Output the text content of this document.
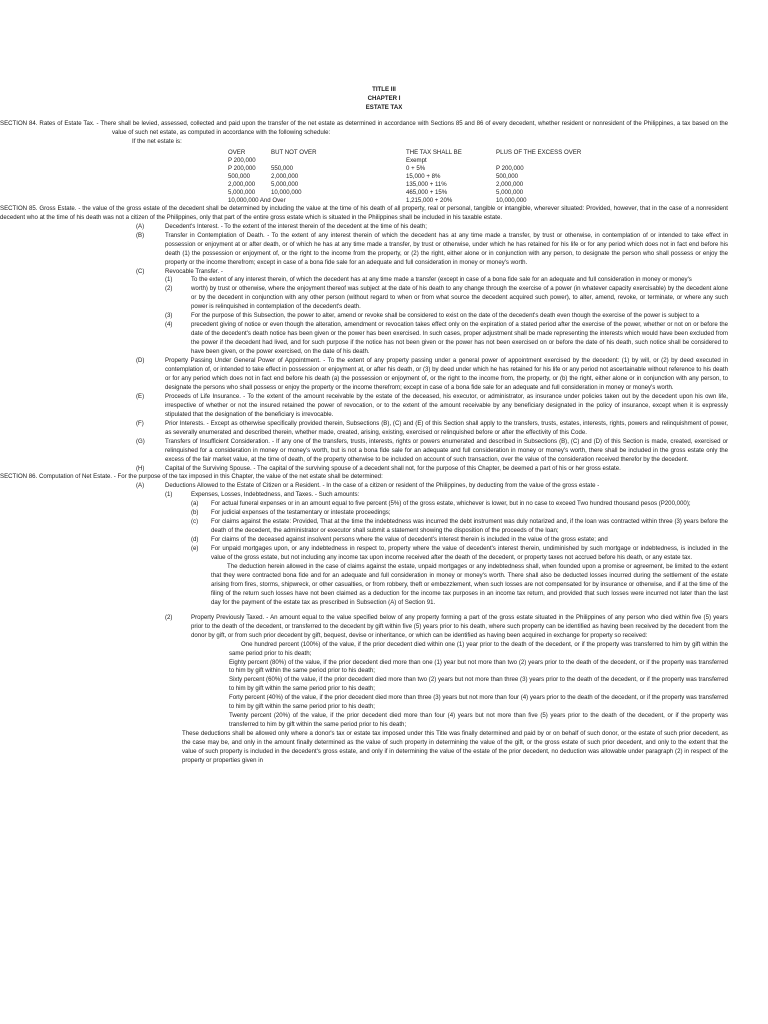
TITLE III
CHAPTER I
ESTATE TAX

SECTION 84. Rates of Estate Tax. - There shall be levied, assessed, collected and paid upon the transfer of the net estate as determined in accordance with Sections 85 and 86 of every decedent, whether resident or nonresident of the Philippines, a tax based on the value of such net estate, as computed in accordance with the following schedule:

If the net estate is:

OVER	BUT NOT OVER	THE TAX SHALL BE	PLUS OF THE EXCESS OVER
P 200,000		Exempt	
P 200,000	550,000	0 + 5%	P 200,000
500,000	2,000,000	15,000 + 8%	500,000
2,000,000	5,000,000	135,000 + 11%	2,000,000
5,000,000	10,000,000	465,000 + 15%	5,000,000
10,000,000 And Over		1,215,000 + 20%	10,000,000

SECTION 85. Gross Estate. - the value of the gross estate of the decedent shall be determined by including the value at the time of his death of all property, real or personal, tangible or intangible, wherever situated: Provided, however, that in the case of a nonresident decedent who at the time of his death was not a citizen of the Philippines, only that part of the entire gross estate which is situated in the Philippines shall be included in his taxable estate.

(A)	Decedent's Interest. - To the extent of the interest therein of the decedent at the time of his death;
(B)	Transfer in Contemplation of Death. - To the extent of any interest therein of which the decedent has at any time made a transfer, by trust or otherwise, in contemplation of or intended to take effect in possession or enjoyment at or after death, or of which he has at any time made a transfer, by trust or otherwise, under which he has retained for his life or for any period which does not in fact end before his death (1) the possession or enjoyment of, or the right to the income from the property, or (2) the right, either alone or in conjunction with any person, to designate the person who shall possess or enjoy the property or the income therefrom; except in case of a bona fide sale for an adequate and full consideration in money or money's worth.
(C)	Revocable Transfer. -
(1)	To the extent of any interest therein, of which the decedent has at any time made a transfer (except in case of a bona fide sale for an adequate and full consideration in money or money's
(2)	worth) by trust or otherwise, where the enjoyment thereof was subject at the date of his death to any change through the exercise of a power (in whatever capacity exercisable) by the decedent alone or by the decedent in conjunction with any other person (without regard to when or from what source the decedent acquired such power), to alter, amend, revoke, or terminate, or where any such power is relinquished in contemplation of the decedent's death.
(3)	For the purpose of this Subsection, the power to alter, amend or revoke shall be considered to exist on the date of the decedent's death even though the exercise of the power is subject to a
(4)	precedent giving of notice or even though the alteration, amendment or revocation takes effect only on the expiration of a stated period after the exercise of the power, whether or not on or before the date of the decedent's death notice has been given or the power has been exercised. In such cases, proper adjustment shall be made representing the interests which would have been excluded from the power if the decedent had lived, and for such purpose if the notice has not been given or the power has not been exercised on or before the date of his death, such notice shall be considered to have been given, or the power exercised, on the date of his death.
(D)	Property Passing Under General Power of Appointment. - To the extent of any property passing under a general power of appointment exercised by the decedent: (1) by will, or (2) by deed executed in contemplation of, or intended to take effect in possession or enjoyment at, or after his death, or (3) by deed under which he has retained for his life or any period not ascertainable without reference to his death or for any period which does not in fact end before his death (a) the possession or enjoyment of, or the right to the income from, the property, or (b) the right, either alone or in conjunction with any person, to designate the persons who shall possess or enjoy the property or the income therefrom; except in case of a bona fide sale for an adequate and full consideration in money or money's worth.
(E)	Proceeds of Life Insurance. - To the extent of the amount receivable by the estate of the deceased, his executor, or administrator, as insurance under policies taken out by the decedent upon his own life, irrespective of whether or not the insured retained the power of revocation, or to the extent of the amount receivable by any beneficiary designated in the policy of insurance, except when it is expressly stipulated that the designation of the beneficiary is irrevocable.
(F)	Prior Interests. - Except as otherwise specifically provided therein, Subsections (B), (C) and (E) of this Section shall apply to the transfers, trusts, estates, interests, rights, powers and relinquishment of power, as severally enumerated and described therein, whether made, created, arising, existing, exercised or relinquished before or after the effectivity of this Code.
(G)	Transfers of Insufficient Consideration. - If any one of the transfers, trusts, interests, rights or powers enumerated and described in Subsections (B), (C) and (D) of this Section is made, created, exercised or relinquished for a consideration in money or money's worth, but is not a bona fide sale for an adequate and full consideration in money or money's worth, there shall be included in the gross estate only the excess of the fair market value, at the time of death, of the property otherwise to be included on account of such transaction, over the value of the consideration received therefor by the decedent.
(H)	Capital of the Surviving Spouse. - The capital of the surviving spouse of a decedent shall not, for the purpose of this Chapter, be deemed a part of his or her gross estate.

SECTION 86. Computation of Net Estate. - For the purpose of the tax imposed in this Chapter, the value of the net estate shall be determined:

(A)	Deductions Allowed to the Estate of Citizen or a Resident. - In the case of a citizen or resident of the Philippines, by deducting from the value of the gross estate -
(1)	Expenses, Losses, Indebtedness, and Taxes. - Such amounts:
(a)	For actual funeral expenses or in an amount equal to five percent (5%) of the gross estate, whichever is lower, but in no case to exceed Two hundred thousand pesos (P200,000);
(b)	For judicial expenses of the testamentary or intestate proceedings;
(c)	For claims against the estate: Provided, That at the time the indebtedness was incurred the debt instrument was duly notarized and, if the loan was contracted within three (3) years before the death of the decedent, the administrator or executor shall submit a statement showing the disposition of the proceeds of the loan;
(d)	For claims of the deceased against insolvent persons where the value of decedent's interest therein is included in the value of the gross estate; and
(e)	For unpaid mortgages upon, or any indebtedness in respect to, property where the value of decedent's interest therein, undiminished by such mortgage or indebtedness, is included in the value of the gross estate, but not including any income tax upon income received after the death of the decedent, or property taxes not accrued before his death, or any estate tax.

The deduction herein allowed in the case of claims against the estate, unpaid mortgages or any indebtedness shall, when founded upon a promise or agreement, be limited to the extent that they were contracted bona fide and for an adequate and full consideration in money or money's worth. There shall also be deducted losses incurred during the settlement of the estate arising from fires, storms, shipwreck, or other casualties, or from robbery, theft or embezzlement, when such losses are not compensated for by insurance or otherwise, and if at the time of the filing of the return such losses have not been claimed as a deduction for the income tax purposes in an income tax return, and provided that such losses were incurred not later than the last day for the payment of the estate tax as prescribed in Subsection (A) of Section 91.

(2)	Property Previously Taxed. - An amount equal to the value specified below of any property forming a part of the gross estate situated in the Philippines of any person who died within five (5) years prior to the death of the decedent, or transferred to the decedent by gift within five (5) years prior to his death, where such property can be identified as having been received by the decedent from the donor by gift, or from such prior decedent by gift, bequest, devise or inheritance, or which can be identified as having been acquired in exchange for property so received:

One hundred percent (100%) of the value, if the prior decedent died within one (1) year prior to the death of the decedent, or if the property was transferred to him by gift within the same period prior to his death;

Eighty percent (80%) of the value, if the prior decedent died more than one (1) year but not more than two (2) years prior to the death of the decedent, or if the property was transferred to him by gift within the same period prior to his death;

Sixty percent (60%) of the value, if the prior decedent died more than two (2) years but not more than three (3) years prior to the death of the decedent, or if the property was transferred to him by gift within the same period prior to his death;

Forty percent (40%) of the value, if the prior decedent died more than three (3) years but not more than four (4) years prior to the death of the decedent, or if the property was transferred to him by gift within the same period prior to his death;

Twenty percent (20%) of the value, if the prior decedent died more than four (4) years but not more than five (5) years prior to the death of the decedent, or if the property was transferred to him by gift within the same period prior to his death;

These deductions shall be allowed only where a donor's tax or estate tax imposed under this Title was finally determined and paid by or on behalf of such donor, or the estate of such prior decedent, as the case may be, and only in the amount finally determined as the value of such property in determining the value of the gift, or the gross estate of such prior decedent, and only to the extent that the value of such property is included in the decedent's gross estate, and only if in determining the value of the estate of the prior decedent, no deduction was allowable under paragraph (2) in respect of the property or properties given in
